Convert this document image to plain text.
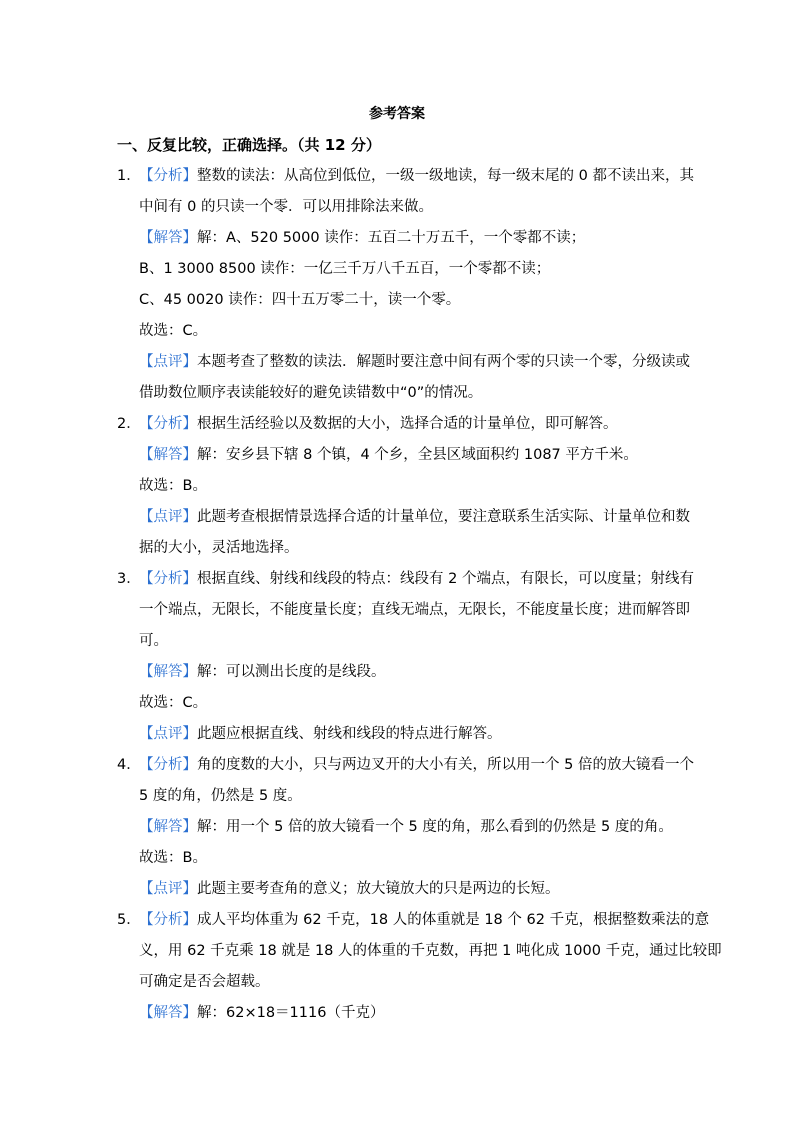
参考答案
一、反复比较，正确选择。（共 12 分）
1．
【分析】整数的读法：从高位到低位，一级一级地读，每一级末尾的 0 都不读出来，其
中间有 0 的只读一个零．可以用排除法来做。
【解答】解：A、520 5000 读作：五百二十万五千，一个零都不读；
B、1 3000 8500 读作：一亿三千万八千五百，一个零都不读；
C、45 0020 读作：四十五万零二十，读一个零。
故选：C。
【点评】本题考查了整数的读法．解题时要注意中间有两个零的只读一个零，分级读或
借助数位顺序表读能较好的避免读错数中“0”的情况。
2．
【分析】根据生活经验以及数据的大小，选择合适的计量单位，即可解答。
【解答】解：安乡县下辖 8 个镇，4 个乡，全县区域面积约 1087 平方千米。
故选：B。
【点评】此题考查根据情景选择合适的计量单位，要注意联系生活实际、计量单位和数
据的大小，灵活地选择。
3．
【分析】根据直线、射线和线段的特点：线段有 2 个端点，有限长，可以度量；射线有
一个端点，无限长，不能度量长度；直线无端点，无限长，不能度量长度；进而解答即
可。
【解答】解：可以测出长度的是线段。
故选：C。
【点评】此题应根据直线、射线和线段的特点进行解答。
4．
【分析】角的度数的大小，只与两边叉开的大小有关，所以用一个 5 倍的放大镜看一个
5 度的角，仍然是 5 度。
【解答】解：用一个 5 倍的放大镜看一个 5 度的角，那么看到的仍然是 5 度的角。
故选：B。
【点评】此题主要考查角的意义；放大镜放大的只是两边的长短。
5．
【分析】成人平均体重为 62 千克，18 人的体重就是 18 个 62 千克，根据整数乘法的意
义，用 62 千克乘 18 就是 18 人的体重的千克数，再把 1 吨化成 1000 千克，通过比较即
可确定是否会超载。
【解答】解：62×18＝1116（千克）
